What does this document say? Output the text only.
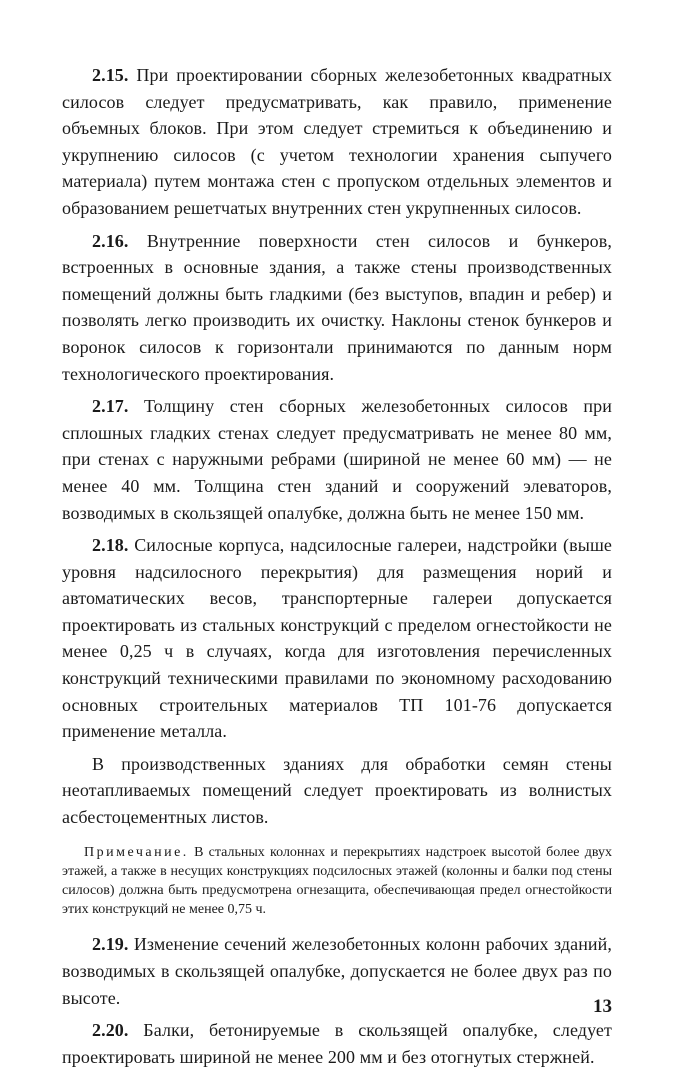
2.15. При проектировании сборных железобетонных квадратных силосов следует предусматривать, как правило, применение объемных блоков. При этом следует стремиться к объединению и укрупнению силосов (с учетом технологии хранения сыпучего материала) путем монтажа стен с пропуском отдельных элементов и образованием решетчатых внутренних стен укрупненных силосов.

2.16. Внутренние поверхности стен силосов и бункеров, встроенных в основные здания, а также стены производственных помещений должны быть гладкими (без выступов, впадин и ребер) и позволять легко производить их очистку. Наклоны стенок бункеров и воронок силосов к горизонтали принимаются по данным норм технологического проектирования.

2.17. Толщину стен сборных железобетонных силосов при сплошных гладких стенах следует предусматривать не менее 80 мм, при стенах с наружными ребрами (шириной не менее 60 мм) — не менее 40 мм. Толщина стен зданий и сооружений элеваторов, возводимых в скользящей опалубке, должна быть не менее 150 мм.

2.18. Силосные корпуса, надсилосные галереи, надстройки (выше уровня надсилосного перекрытия) для размещения норий и автоматических весов, транспортерные галереи допускается проектировать из стальных конструкций с пределом огнестойкости не менее 0,25 ч в случаях, когда для изготовления перечисленных конструкций техническими правилами по экономному расходованию основных строительных материалов ТП 101-76 допускается применение металла.

В производственных зданиях для обработки семян стены неотапливаемых помещений следует проектировать из волнистых асбестоцементных листов.

Примечание. В стальных колоннах и перекрытиях надстроек высотой более двух этажей, а также в несущих конструкциях подсилосных этажей (колонны и балки под стены силосов) должна быть предусмотрена огнезащита, обеспечивающая предел огнестойкости этих конструкций не менее 0,75 ч.

2.19. Изменение сечений железобетонных колонн рабочих зданий, возводимых в скользящей опалубке, допускается не более двух раз по высоте.

2.20. Балки, бетонируемые в скользящей опалубке, следует проектировать шириной не менее 200 мм и без отогнутых стержней.

13
